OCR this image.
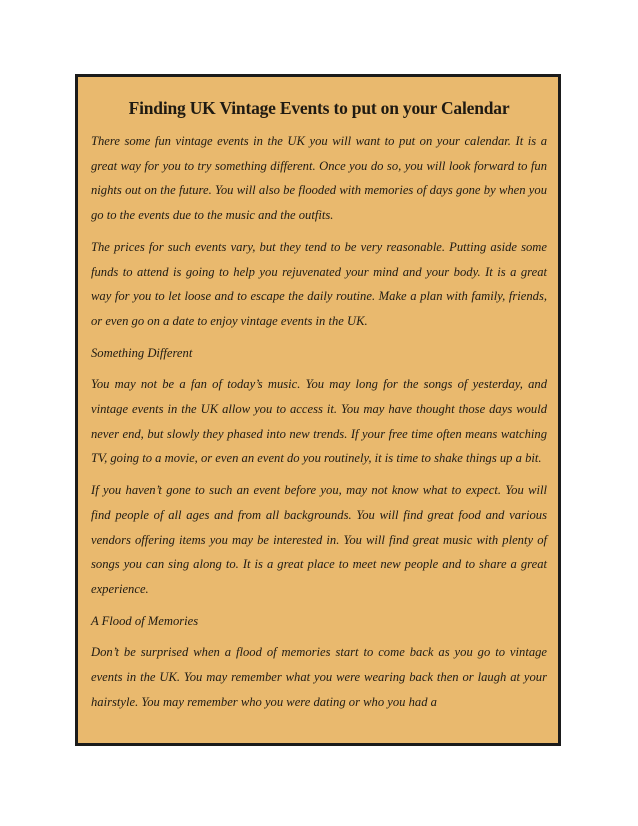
Finding UK Vintage Events to put on your Calendar

There some fun vintage events in the UK you will want to put on your calendar. It is a great way for you to try something different. Once you do so, you will look forward to fun nights out on the future. You will also be flooded with memories of days gone by when you go to the events due to the music and the outfits.

The prices for such events vary, but they tend to be very reasonable. Putting aside some funds to attend is going to help you rejuvenated your mind and your body. It is a great way for you to let loose and to escape the daily routine. Make a plan with family, friends, or even go on a date to enjoy vintage events in the UK.

Something Different

You may not be a fan of today’s music. You may long for the songs of yesterday, and vintage events in the UK allow you to access it. You may have thought those days would never end, but slowly they phased into new trends. If your free time often means watching TV, going to a movie, or even an event do you routinely, it is time to shake things up a bit.

If you haven’t gone to such an event before you, may not know what to expect. You will find people of all ages and from all backgrounds. You will find great food and various vendors offering items you may be interested in. You will find great music with plenty of songs you can sing along to. It is a great place to meet new people and to share a great experience.

A Flood of Memories

Don’t be surprised when a flood of memories start to come back as you go to vintage events in the UK. You may remember what you were wearing back then or laugh at your hairstyle. You may remember who you were dating or who you had a
